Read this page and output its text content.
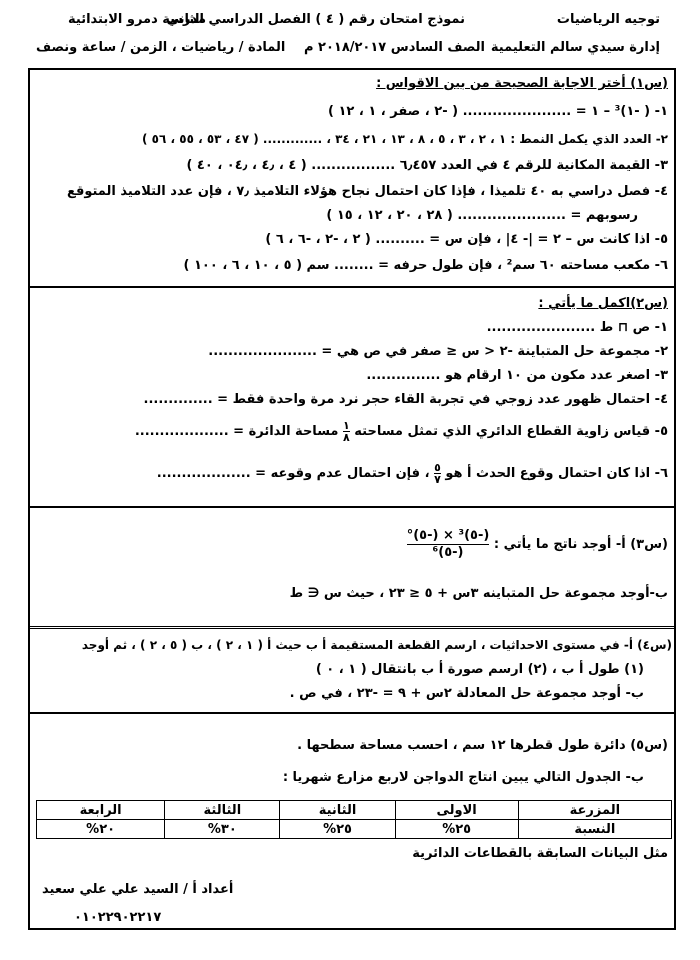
توجيه الرياضيات
نموذج امتحان رقم ( ٤ ) الفصل الدراسي الثاني
مدرسة دمرو الابتدائية
إدارة سيدي سالم التعليمية
الصف السادس ٢٠١٨/٢٠١٧ م
المادة / رياضيات ، الزمن / ساعة ونصف
(س١) أختر الاجابة الصحيحة من بين الاقواس :
١- ( -١)³ – ١ = ...................... ( -٢ ، صفر ، ١ ، ١٢ )
٢- العدد الذي يكمل النمط : ١ ، ٢ ، ٣ ، ٥ ، ٨ ، ١٣ ، ٢١ ، ٣٤ ، ............. ( ٤٧ ، ٥٣ ، ٥٥ ، ٥٦ )
٣- القيمة المكانية للرقم ٤ في العدد ٦٫٤٥٧ ................. ( ٤ ، ٤٫ ، ٠٤٫ ، ٤٠ )
٤- فصل دراسي به ٤٠ تلميذا ، فإذا كان احتمال نجاح هؤلاء التلاميذ ٧٫ ، فإن عدد التلاميذ المتوقع
رسوبهم = ...................... ( ٢٨ ، ٢٠ ، ١٢ ، ١٥ )
٥- اذا كانت س – ٢ = |- ٤| ، فإن س = .......... ( ٢ ، -٢ ، -٦ ، ٦ )
٦- مكعب مساحته ٦٠ سم² ، فإن طول حرفه = ........ سم ( ٥ ، ١٠ ، ٦ ، ١٠٠ )
(س٢)اكمل ما يأتي :
١- ص ⊓ ط ......................
٢- مجموعة حل المتباينة -٢ < س ≤ صفر في ص هي = ......................
٣- اصغر عدد مكون من ١٠ ارقام هو ...............
٤- احتمال ظهور عدد زوجي في تجربة القاء حجر نرد مرة واحدة فقط = ..............
٥- قياس زاوية القطاع الدائري الذي تمثل مساحته
$\frac{١}{٨}$
مساحة الدائرة = ...................
٦- اذا كان احتمال وقوع الحدث أ هو
$\frac{٥}{٧}$
، فإن احتمال عدم وقوعه = ...................
(س٣) أ- أوجد ناتج ما يأتي :
$\frac{\text{(-٥)³ × (-٥)°}}{\text{(-٥)⁶}}$
ب-أوجد مجموعة حل المتباينه ٣س + ٥ ≤ ٢٣ ، حيث س ∈ ط
(س٤) أ- في مستوى الاحداثيات ، ارسم القطعة المستقيمة أ ب حيث أ ( ١ ، ٢ ) ، ب ( ٥ ، ٢ ) ، ثم أوجد
(١) طول أ ب ، (٢) ارسم صورة أ ب بانتقال ( ١ ، ٠ )
ب- أوجد مجموعة حل المعادلة ٢س + ٩ = -٢٣ ، في ص .
(س٥) دائرة طول قطرها ١٢ سم ، احسب مساحة سطحها .
ب- الجدول التالي يبين انتاج الدواجن لاربع مزارع شهريا :
المزرعة	الاولى	الثانية	الثالثة	الرابعة
النسبة	٢٥%	٢٥%	٣٠%	٢٠%
مثل البيانات السابقة بالقطاعات الدائرية
أعداد أ / السيد علي علي سعيد
٠١٠٢٢٩٠٢٢١٧
